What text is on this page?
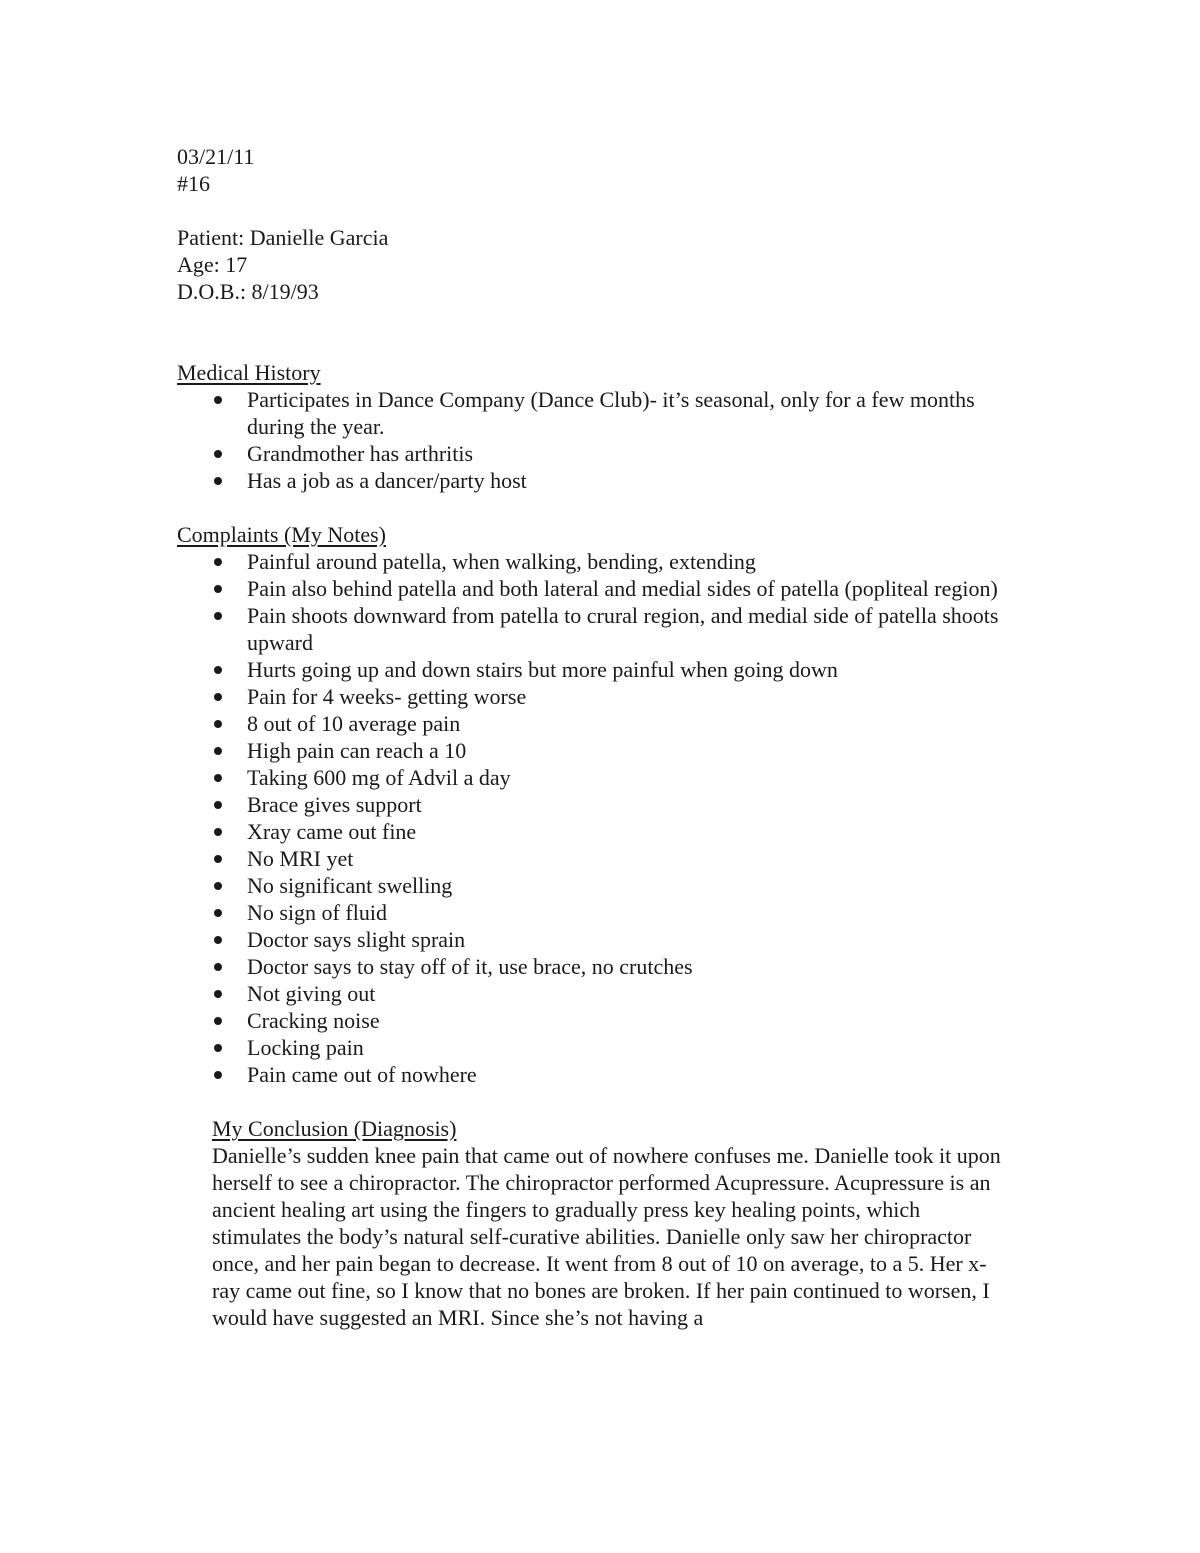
03/21/11

#16

Patient: Danielle Garcia

Age: 17

D.O.B.: 8/19/93

Medical History

Participates in Dance Company (Dance Club)- it’s seasonal, only for a few months during the year.
Grandmother has arthritis
Has a job as a dancer/party host

Complaints (My Notes)

Painful around patella, when walking, bending, extending
Pain also behind patella and both lateral and medial sides of patella (popliteal region)
Pain shoots downward from patella to crural region, and medial side of patella shoots upward
Hurts going up and down stairs but more painful when going down
Pain for 4 weeks- getting worse
8 out of 10 average pain
High pain can reach a 10
Taking 600 mg of Advil a day
Brace gives support
Xray came out fine
No MRI yet
No significant swelling
No sign of fluid
Doctor says slight sprain
Doctor says to stay off of it, use brace, no crutches
Not giving out
Cracking noise
Locking pain
Pain came out of nowhere

My Conclusion (Diagnosis)

Danielle’s sudden knee pain that came out of nowhere confuses me. Danielle took it upon herself to see a chiropractor. The chiropractor performed Acupressure. Acupressure is an ancient healing art using the fingers to gradually press key healing points, which stimulates the body’s natural self-curative abilities. Danielle only saw her chiropractor once, and her pain began to decrease. It went from 8 out of 10 on average, to a 5. Her x-ray came out fine, so I know that no bones are broken. If her pain continued to worsen, I would have suggested an MRI. Since she’s not having a
